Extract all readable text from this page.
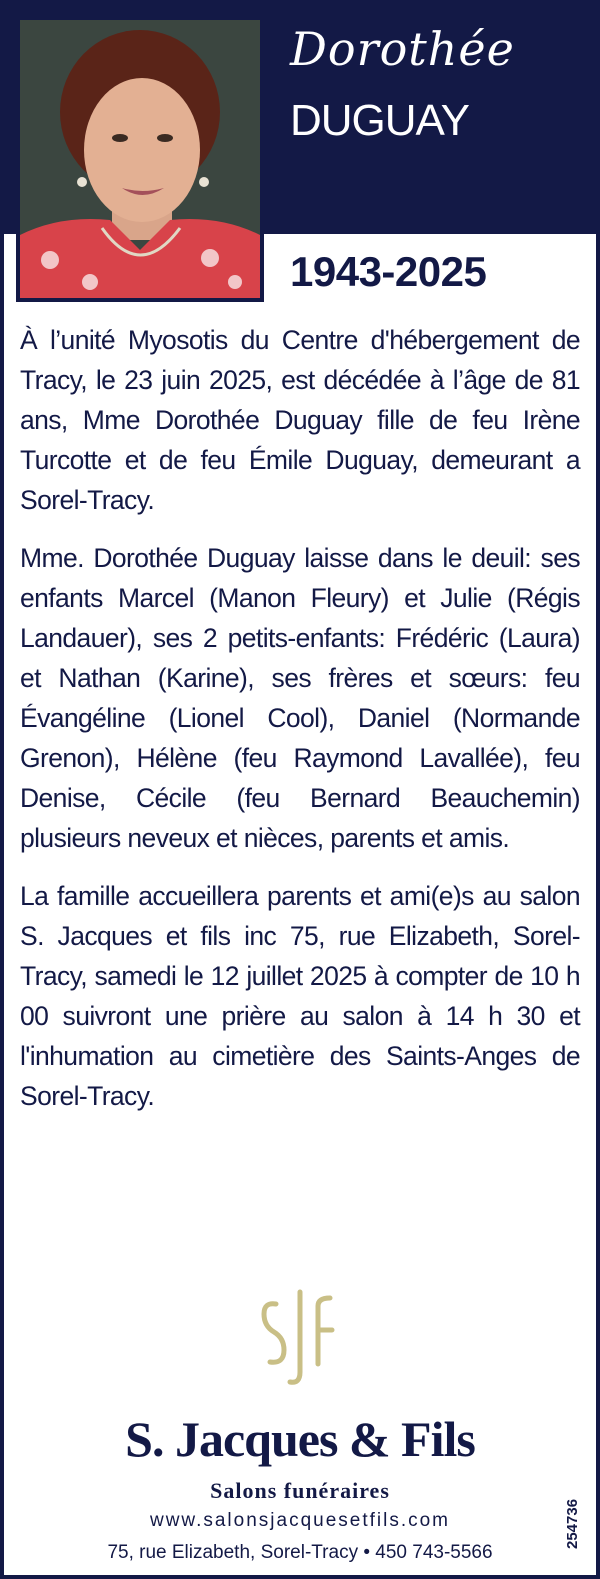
Dorothée
DUGUAY
1943-2025

À l’unité Myosotis du Centre d'hébergement de Tracy, le 23 juin 2025, est décédée à l’âge de 81 ans, Mme Dorothée Duguay fille de feu Irène Turcotte et de feu Émile Duguay, demeurant a Sorel-Tracy.

Mme. Dorothée Duguay laisse dans le deuil: ses enfants Marcel (Manon Fleury) et Julie (Régis Landauer), ses 2 petits-enfants: Frédéric (Laura) et Nathan (Karine), ses frères et sœurs: feu Évangéline (Lionel Cool), Daniel (Normande Grenon), Hélène (feu Raymond Lavallée), feu Denise, Cécile (feu Bernard Beauchemin) plusieurs neveux et nièces, parents et amis.

La famille accueillera parents et ami(e)s au salon S. Jacques et fils inc 75, rue Elizabeth, Sorel-Tracy, samedi le 12 juillet 2025 à compter de 10 h 00 suivront une prière au salon à 14 h 30 et l'inhumation au cimetière des Saints-Anges de Sorel-Tracy.

S. Jacques & Fils
Salons funéraires
www.salonsjacquesetfils.com
75, rue Elizabeth, Sorel-Tracy • 450 743-5566
254736
